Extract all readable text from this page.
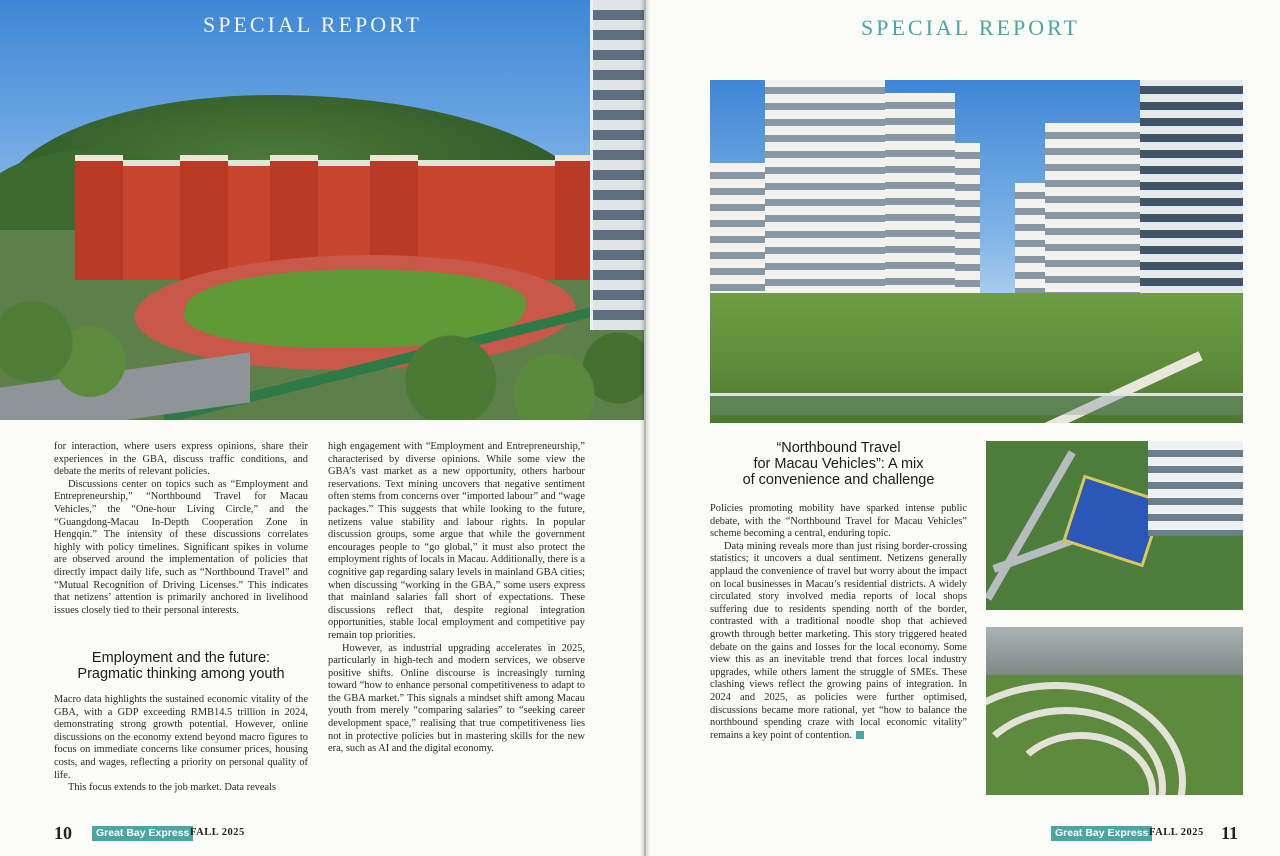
SPECIAL REPORT

for interaction, where users express opinions, share their experiences in the GBA, discuss traffic conditions, and debate the merits of relevant policies.

Discussions center on topics such as “Employment and Entrepreneurship,” “Northbound Travel for Macau Vehicles,” the “One-hour Living Circle,” and the “Guangdong-Macau In-Depth Cooperation Zone in Hengqin.” The intensity of these discussions correlates highly with policy timelines. Significant spikes in volume are observed around the implementation of policies that directly impact daily life, such as “Northbound Travel” and “Mutual Recognition of Driving Licenses.” This indicates that netizens’ attention is primarily anchored in livelihood issues closely tied to their personal interests.

Employment and the future:
Pragmatic thinking among youth

Macro data highlights the sustained economic vitality of the GBA, with a GDP exceeding RMB14.5 trillion in 2024, demonstrating strong growth potential. However, online discussions on the economy extend beyond macro figures to focus on immediate concerns like consumer prices, housing costs, and wages, reflecting a priority on personal quality of life.

This focus extends to the job market. Data reveals

high engagement with “Employment and Entrepreneurship,” characterised by diverse opinions. While some view the GBA’s vast market as a new opportunity, others harbour reservations. Text mining uncovers that negative sentiment often stems from concerns over “imported labour” and “wage packages.” This suggests that while looking to the future, netizens value stability and labour rights. In popular discussion groups, some argue that while the government encourages people to “go global,” it must also protect the employment rights of locals in Macau. Additionally, there is a cognitive gap regarding salary levels in mainland GBA cities; when discussing “working in the GBA,” some users express that mainland salaries fall short of expectations. These discussions reflect that, despite regional integration opportunities, stable local employment and competitive pay remain top priorities.

However, as industrial upgrading accelerates in 2025, particularly in high-tech and modern services, we observe positive shifts. Online discourse is increasingly turning toward “how to enhance personal competitiveness to adapt to the GBA market.” This signals a mindset shift among Macau youth from merely “comparing salaries” to “seeking career development space,” realising that true competitiveness lies not in protective policies but in mastering skills for the new era, such as AI and the digital economy.

10	Great Bay Express FALL 2025
SPECIAL REPORT
“Northbound Travel
for Macau Vehicles”: A mix
of convenience and challenge

Policies promoting mobility have sparked intense public debate, with the “Northbound Travel for Macau Vehicles” scheme becoming a central, enduring topic.

Data mining reveals more than just rising border-crossing statistics; it uncovers a dual sentiment. Netizens generally applaud the convenience of travel but worry about the impact on local businesses in Macau’s residential districts. A widely circulated story involved media reports of local shops suffering due to residents spending north of the border, contrasted with a traditional noodle shop that achieved growth through better marketing. This story triggered heated debate on the gains and losses for the local economy. Some view this as an inevitable trend that forces local industry upgrades, while others lament the struggle of SMEs. These clashing views reflect the growing pains of integration. In 2024 and 2025, as policies were further optimised, discussions became more rational, yet “how to balance the northbound spending craze with local economic vitality” remains a key point of contention.

Great Bay Express FALL 2025 11
